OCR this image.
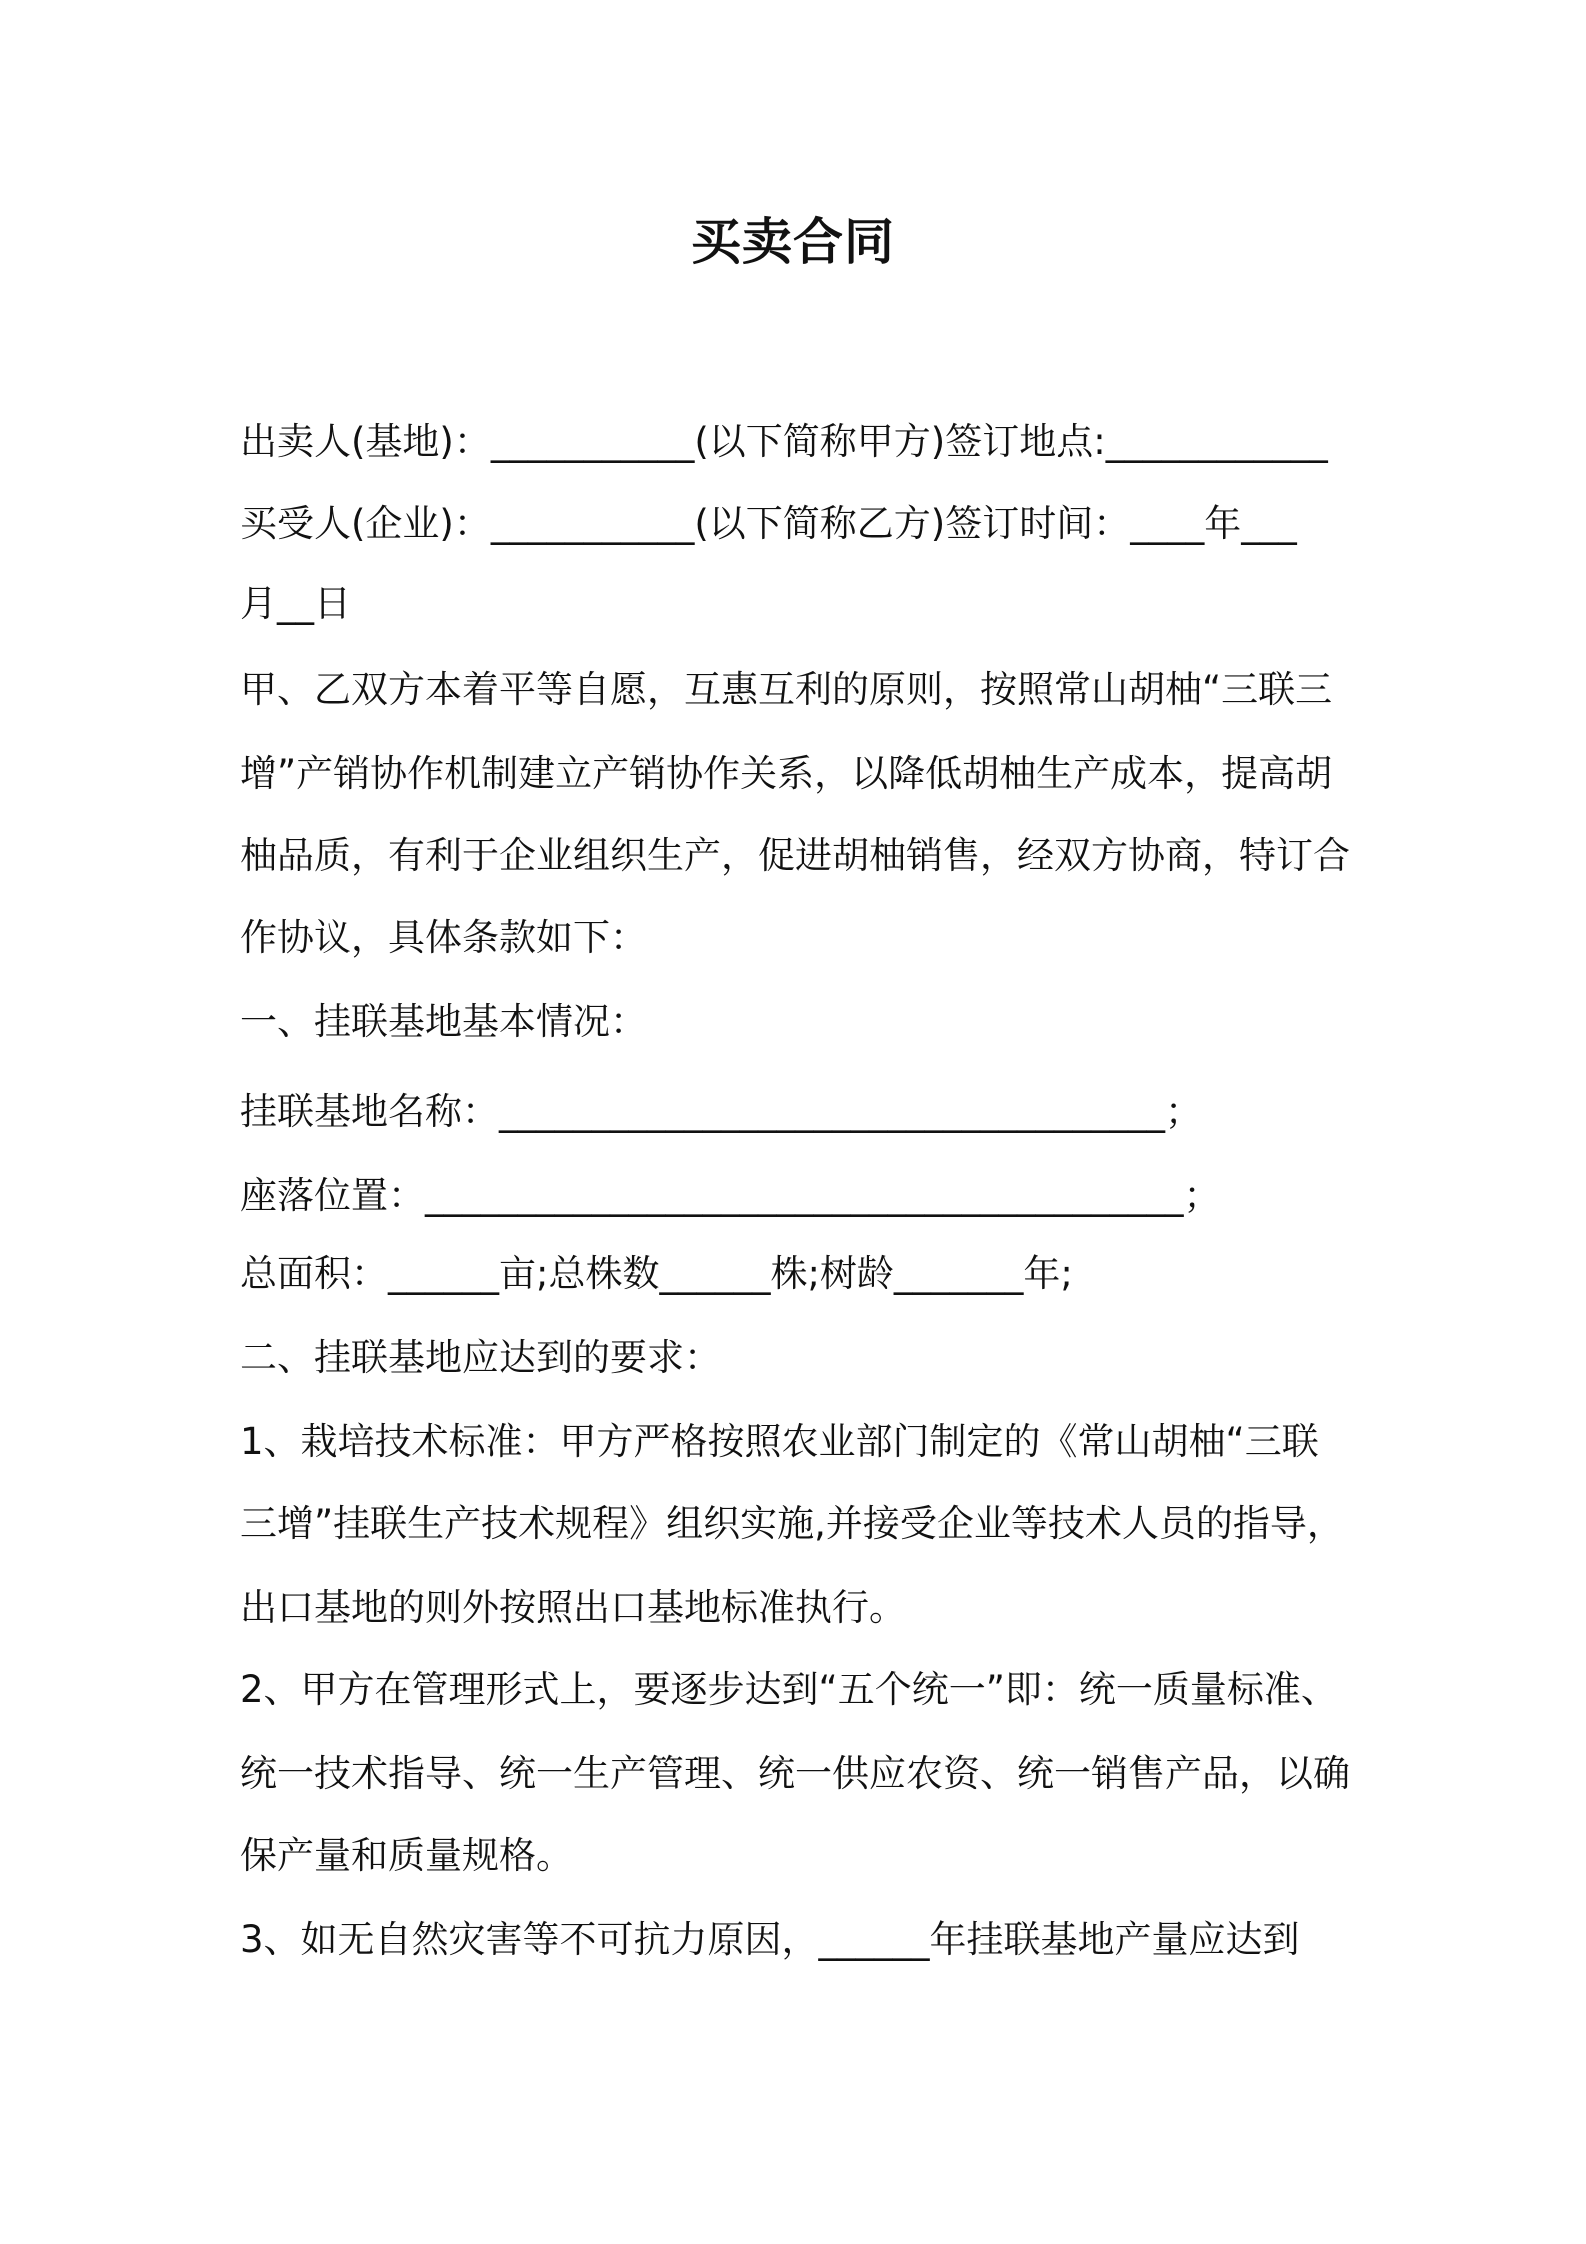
买卖合同
出卖人(基地)：___________(以下简称甲方)签订地点:____________
买受人(企业)：___________(以下简称乙方)签订时间：____年___
月__日
甲、乙双方本着平等自愿，互惠互利的原则，按照常山胡柚“三联三
增”产销协作机制建立产销协作关系，以降低胡柚生产成本，提高胡
柚品质，有利于企业组织生产，促进胡柚销售，经双方协商，特订合
作协议，具体条款如下：
一、挂联基地基本情况：
挂联基地名称：____________________________________；
座落位置：_________________________________________；
总面积：______亩;总株数______株;树龄_______年;
二、挂联基地应达到的要求：
1、栽培技术标准：甲方严格按照农业部门制定的《常山胡柚“三联
三增”挂联生产技术规程》组织实施,并接受企业等技术人员的指导，
出口基地的则外按照出口基地标准执行。
2、甲方在管理形式上，要逐步达到“五个统一”即：统一质量标准、
统一技术指导、统一生产管理、统一供应农资、统一销售产品，以确
保产量和质量规格。
3、如无自然灾害等不可抗力原因，______年挂联基地产量应达到
